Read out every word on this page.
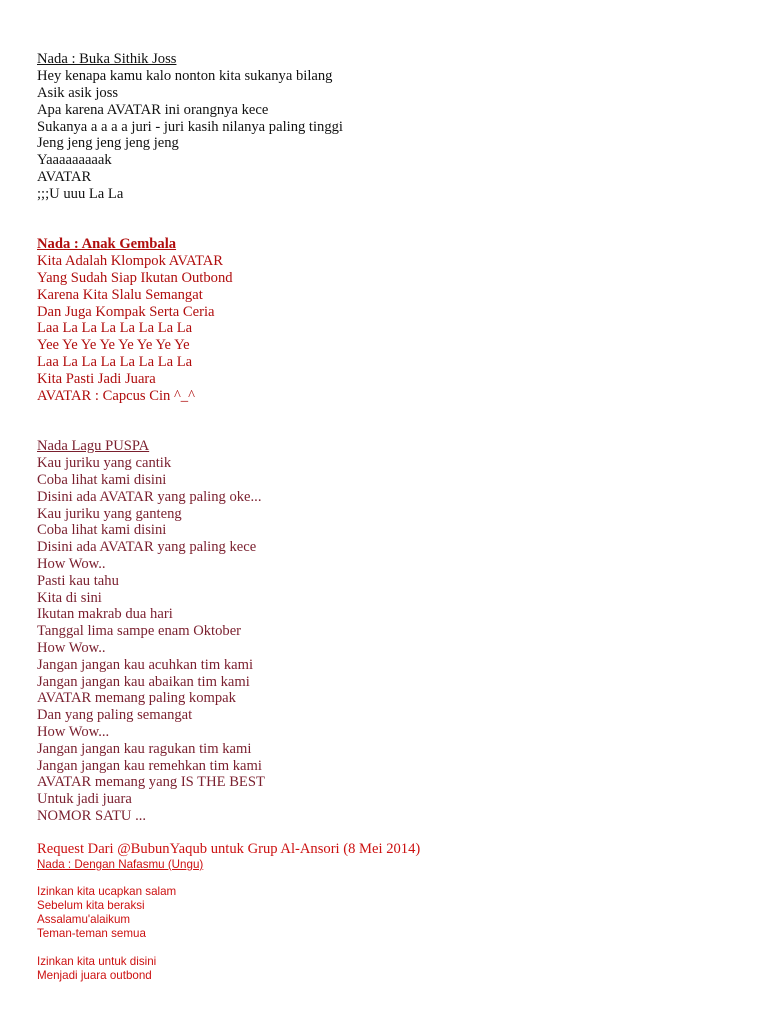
Nada : Buka Sithik Joss

Hey kenapa kamu kalo nonton kita sukanya bilang

Asik asik joss

Apa karena AVATAR ini orangnya kece

Sukanya a a a a juri - juri kasih nilanya paling tinggi

Jeng jeng jeng jeng jeng

Yaaaaaaaaak

AVATAR

;;;U uuu La La

Nada : Anak Gembala

Kita Adalah Klompok AVATAR

Yang Sudah Siap Ikutan Outbond

Karena Kita Slalu Semangat

Dan Juga Kompak Serta Ceria

Laa La La La La La La La

Yee Ye Ye Ye Ye Ye Ye Ye

Laa La La La La La La La

Kita Pasti Jadi Juara

AVATAR : Capcus Cin ^_^

Nada Lagu PUSPA

Kau juriku yang cantik

Coba lihat kami disini

Disini ada AVATAR yang paling oke...

Kau juriku yang ganteng

Coba lihat kami disini

Disini ada AVATAR yang paling kece

How Wow..

Pasti kau tahu

Kita di sini

Ikutan makrab dua hari

Tanggal lima sampe enam Oktober

How Wow..

Jangan jangan kau acuhkan tim kami

Jangan jangan kau abaikan tim kami

AVATAR memang paling kompak

Dan yang paling semangat

How Wow...

Jangan jangan kau ragukan tim kami

Jangan jangan kau remehkan tim kami

AVATAR memang yang IS THE BEST

Untuk jadi juara

NOMOR SATU ...

Request Dari @BubunYaqub untuk Grup Al-Ansori (8 Mei 2014)

Nada : Dengan Nafasmu (Ungu)

Izinkan kita ucapkan salam

Sebelum kita beraksi

Assalamu'alaikum

Teman-teman semua

Izinkan kita untuk disini

Menjadi juara outbond
